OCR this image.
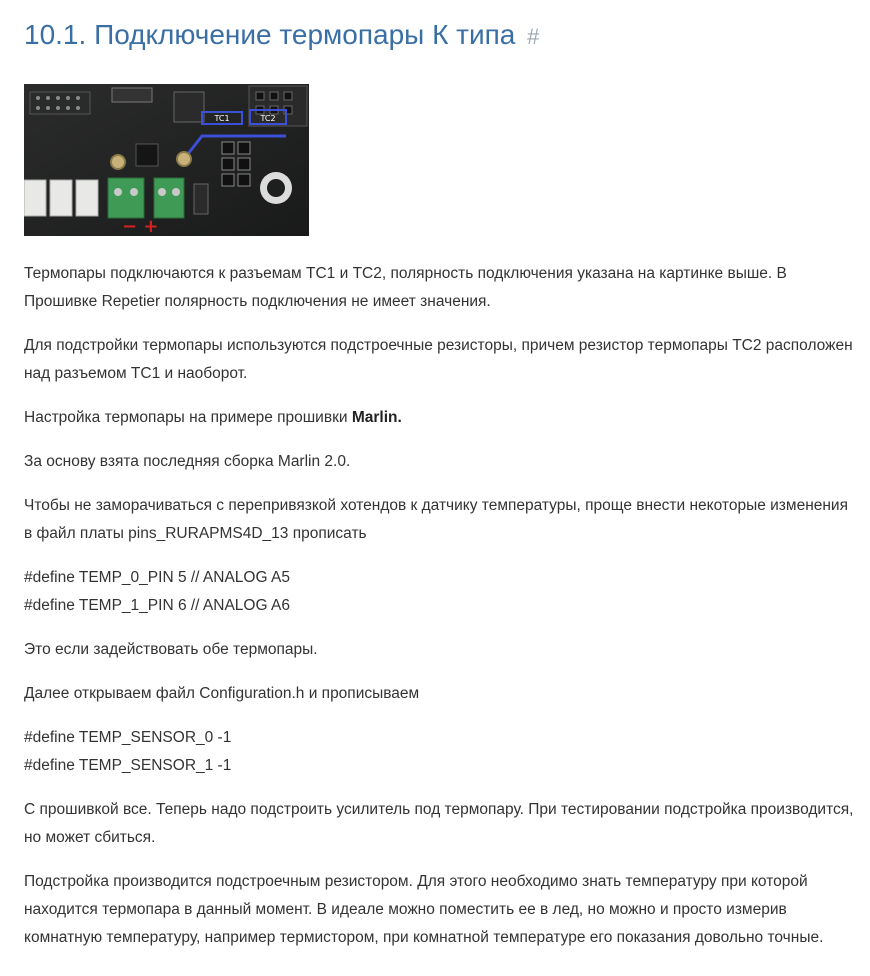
10.1. Подключение термопары К типа #
TC1	TC2
− +

Термопары подключаются к разъемам ТС1 и ТС2, полярность подключения указана на картинке выше. В Прошивке Repetier полярность подключения не имеет значения.

Для подстройки термопары используются подстроечные резисторы, причем резистор термопары ТС2 расположен над разъемом ТС1 и наоборот.

Настройка термопары на примере прошивки Marlin.

За основу взята последняя сборка Marlin 2.0.

Чтобы не заморачиваться с перепривязкой хотендов к датчику температуры, проще внести некоторые изменения в файл платы pins_RURAPMS4D_13 прописать

#define TEMP_0_PIN 5 // ANALOG A5
#define TEMP_1_PIN 6 // ANALOG A6

Это если задействовать обе термопары.

Далее открываем файл Configuration.h и прописываем

#define TEMP_SENSOR_0 -1
#define TEMP_SENSOR_1 -1

С прошивкой все. Теперь надо подстроить усилитель под термопару. При тестировании подстройка производится, но может сбиться.

Подстройка производится подстроечным резистором. Для этого необходимо знать температуру при которой находится термопара в данный момент. В идеале можно поместить ее в лед, но можно и просто измерив комнатную температуру, например термистором, при комнатной температуре его показания довольно точные.
